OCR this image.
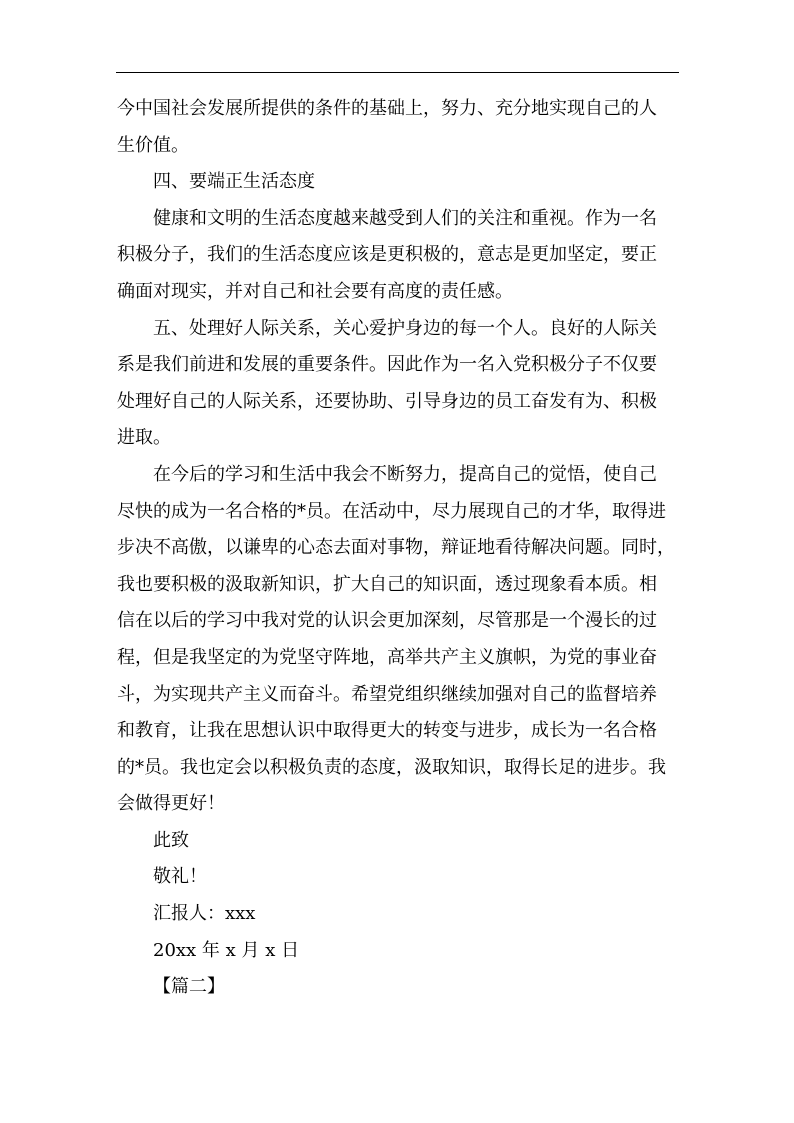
今中国社会发展所提供的条件的基础上，努力、充分地实现自己的人
生价值。
四、要端正生活态度
健康和文明的生活态度越来越受到人们的关注和重视。作为一名
积极分子，我们的生活态度应该是更积极的，意志是更加坚定，要正
确面对现实，并对自己和社会要有高度的责任感。
五、处理好人际关系，关心爱护身边的每一个人。良好的人际关
系是我们前进和发展的重要条件。因此作为一名入党积极分子不仅要
处理好自己的人际关系，还要协助、引导身边的员工奋发有为、积极
进取。
在今后的学习和生活中我会不断努力，提高自己的觉悟，使自己
尽快的成为一名合格的*员。在活动中，尽力展现自己的才华，取得进
步决不高傲，以谦卑的心态去面对事物，辩证地看待解决问题。同时，
我也要积极的汲取新知识，扩大自己的知识面，透过现象看本质。相
信在以后的学习中我对党的认识会更加深刻，尽管那是一个漫长的过
程，但是我坚定的为党坚守阵地，高举共产主义旗帜，为党的事业奋
斗，为实现共产主义而奋斗。希望党组织继续加强对自己的监督培养
和教育，让我在思想认识中取得更大的转变与进步，成长为一名合格
的*员。我也定会以积极负责的态度，汲取知识，取得长足的进步。我
会做得更好！
此致
敬礼！
汇报人：xxx
20xx 年 x 月 x 日
【篇二】
